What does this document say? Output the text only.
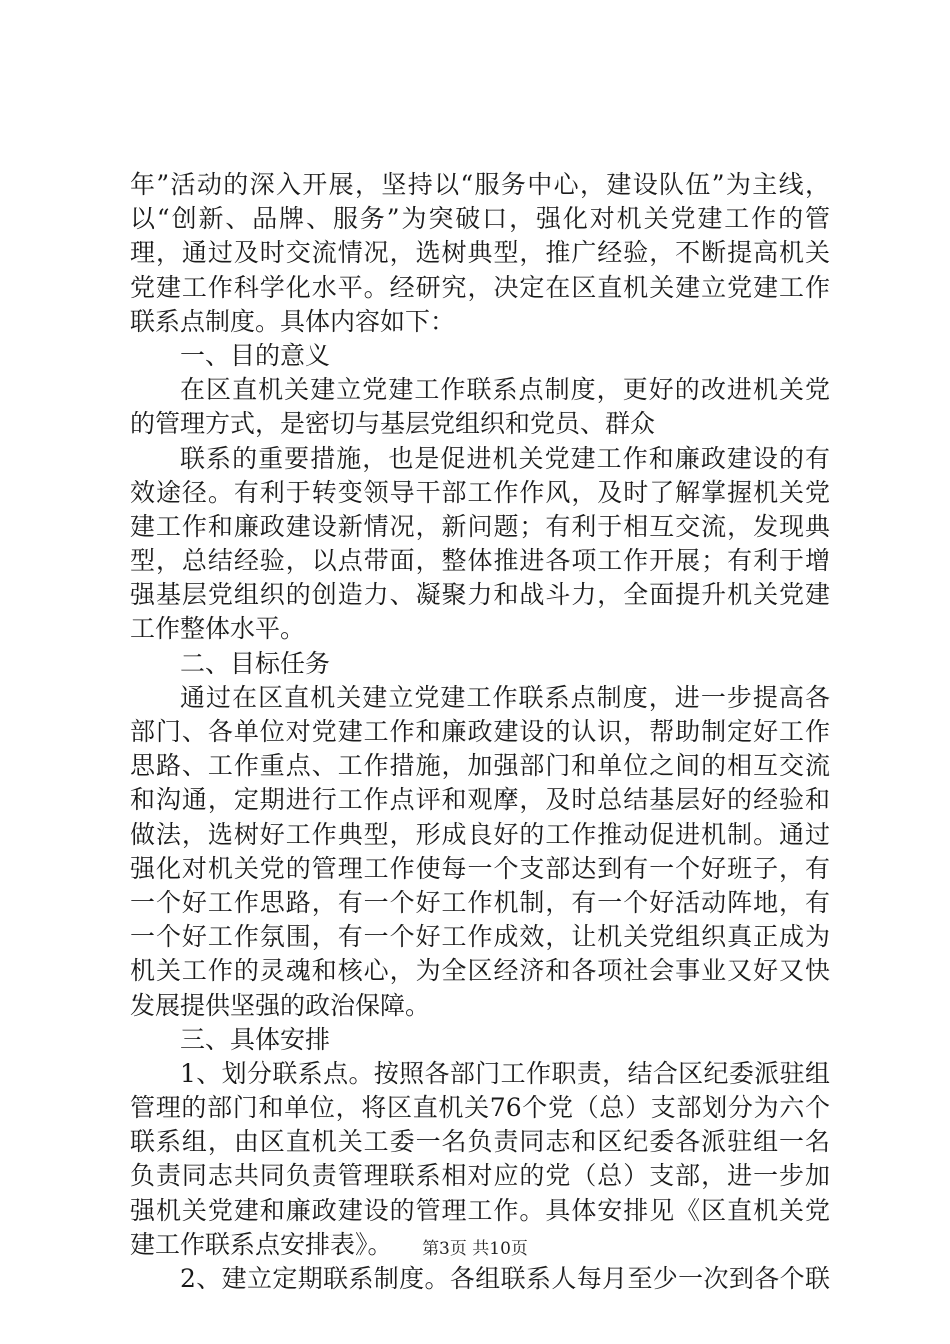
年”活动的深入开展，坚持以“服务中心，建设队伍”为主线，
以“创新、品牌、服务”为突破口，强化对机关党建工作的管
理，通过及时交流情况，选树典型，推广经验，不断提高机关
党建工作科学化水平。经研究，决定在区直机关建立党建工作
联系点制度。具体内容如下：
一、目的意义
在区直机关建立党建工作联系点制度，更好的改进机关党
的管理方式，是密切与基层党组织和党员、群众
联系的重要措施，也是促进机关党建工作和廉政建设的有
效途径。有利于转变领导干部工作作风，及时了解掌握机关党
建工作和廉政建设新情况，新问题；有利于相互交流，发现典
型，总结经验，以点带面，整体推进各项工作开展；有利于增
强基层党组织的创造力、凝聚力和战斗力，全面提升机关党建
工作整体水平。
二、目标任务
通过在区直机关建立党建工作联系点制度，进一步提高各
部门、各单位对党建工作和廉政建设的认识，帮助制定好工作
思路、工作重点、工作措施，加强部门和单位之间的相互交流
和沟通，定期进行工作点评和观摩，及时总结基层好的经验和
做法，选树好工作典型，形成良好的工作推动促进机制。通过
强化对机关党的管理工作使每一个支部达到有一个好班子，有
一个好工作思路，有一个好工作机制，有一个好活动阵地，有
一个好工作氛围，有一个好工作成效，让机关党组织真正成为
机关工作的灵魂和核心，为全区经济和各项社会事业又好又快
发展提供坚强的政治保障。
三、具体安排
1、划分联系点。按照各部门工作职责，结合区纪委派驻组
管理的部门和单位，将区直机关76个党（总）支部划分为六个
联系组，由区直机关工委一名负责同志和区纪委各派驻组一名
负责同志共同负责管理联系相对应的党（总）支部，进一步加
强机关党建和廉政建设的管理工作。具体安排见《区直机关党
建工作联系点安排表》。
2、建立定期联系制度。各组联系人每月至少一次到各个联
第3页 共10页
